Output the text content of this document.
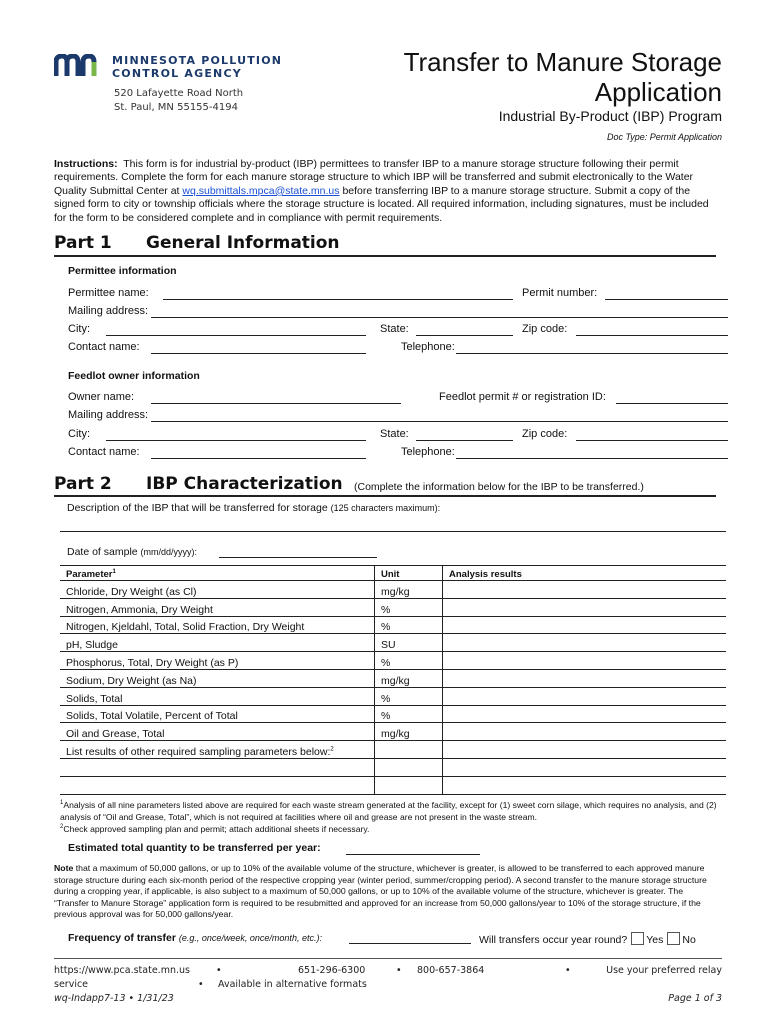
MINNESOTA POLLUTION
CONTROL AGENCY
520 Lafayette Road North
St. Paul, MN 55155-4194
Transfer to Manure Storage
Application
Industrial By-Product (IBP) Program
Doc Type: Permit Application
Instructions: This form is for industrial by-product (IBP) permittees to transfer IBP to a manure storage structure following their permit requirements. Complete the form for each manure storage structure to which IBP will be transferred and submit electronically to the Water Quality Submittal Center at wq.submittals.mpca@state.mn.us before transferring IBP to a manure storage structure. Submit a copy of the signed form to city or township officials where the storage structure is located. All required information, including signatures, must be included for the form to be considered complete and in compliance with permit requirements.
Part 1 General Information
Permittee information
Permittee name:	Permit number:
Mailing address:
City:	State:	Zip code:
Contact name:	Telephone:
Feedlot owner information
Owner name:	Feedlot permit # or registration ID:
Mailing address:
City:	State:	Zip code:
Contact name:	Telephone:
Part 2 IBP Characterization (Complete the information below for the IBP to be transferred.)
Description of the IBP that will be transferred for storage (125 characters maximum):
Date of sample (mm/dd/yyyy):
Parameter$^1$	Unit	Analysis results
Chloride, Dry Weight (as Cl)	mg/kg	
Nitrogen, Ammonia, Dry Weight	%	
Nitrogen, Kjeldahl, Total, Solid Fraction, Dry Weight	%	
pH, Sludge	SU	
Phosphorus, Total, Dry Weight (as P)	%	
Sodium, Dry Weight (as Na)	mg/kg	
Solids, Total	%	
Solids, Total Volatile, Percent of Total	%	
Oil and Grease, Total	mg/kg	
List results of other required sampling parameters below:$^2$		

$^1$Analysis of all nine parameters listed above are required for each waste stream generated at the facility, except for (1) sweet corn silage, which requires no analysis, and (2) analysis of “Oil and Grease, Total”, which is not required at facilities where oil and grease are not present in the waste stream.
$^2$Check approved sampling plan and permit; attach additional sheets if necessary.
Estimated total quantity to be transferred per year:
Note that a maximum of 50,000 gallons, or up to 10% of the available volume of the structure, whichever is greater, is allowed to be transferred to each approved manure storage structure during each six-month period of the respective cropping year (winter period, summer/cropping period). A second transfer to the manure storage structure during a cropping year, if applicable, is also subject to a maximum of 50,000 gallons, or up to 10% of the available volume of the structure, whichever is greater. The “Transfer to Manure Storage” application form is required to be resubmitted and approved for an increase from 50,000 gallons/year to 10% of the storage structure, if the previous approval was for 50,000 gallons/year.
Frequency of transfer (e.g., once/week, once/month, etc.):	Will transfers occur year round? Yes No
https://www.pca.state.mn.us	•	651-296-6300	• 800-657-3864	•	Use your preferred relay
service	• Available in alternative formats
wq-Indapp7-13 • 1/31/23	Page 1 of 3
